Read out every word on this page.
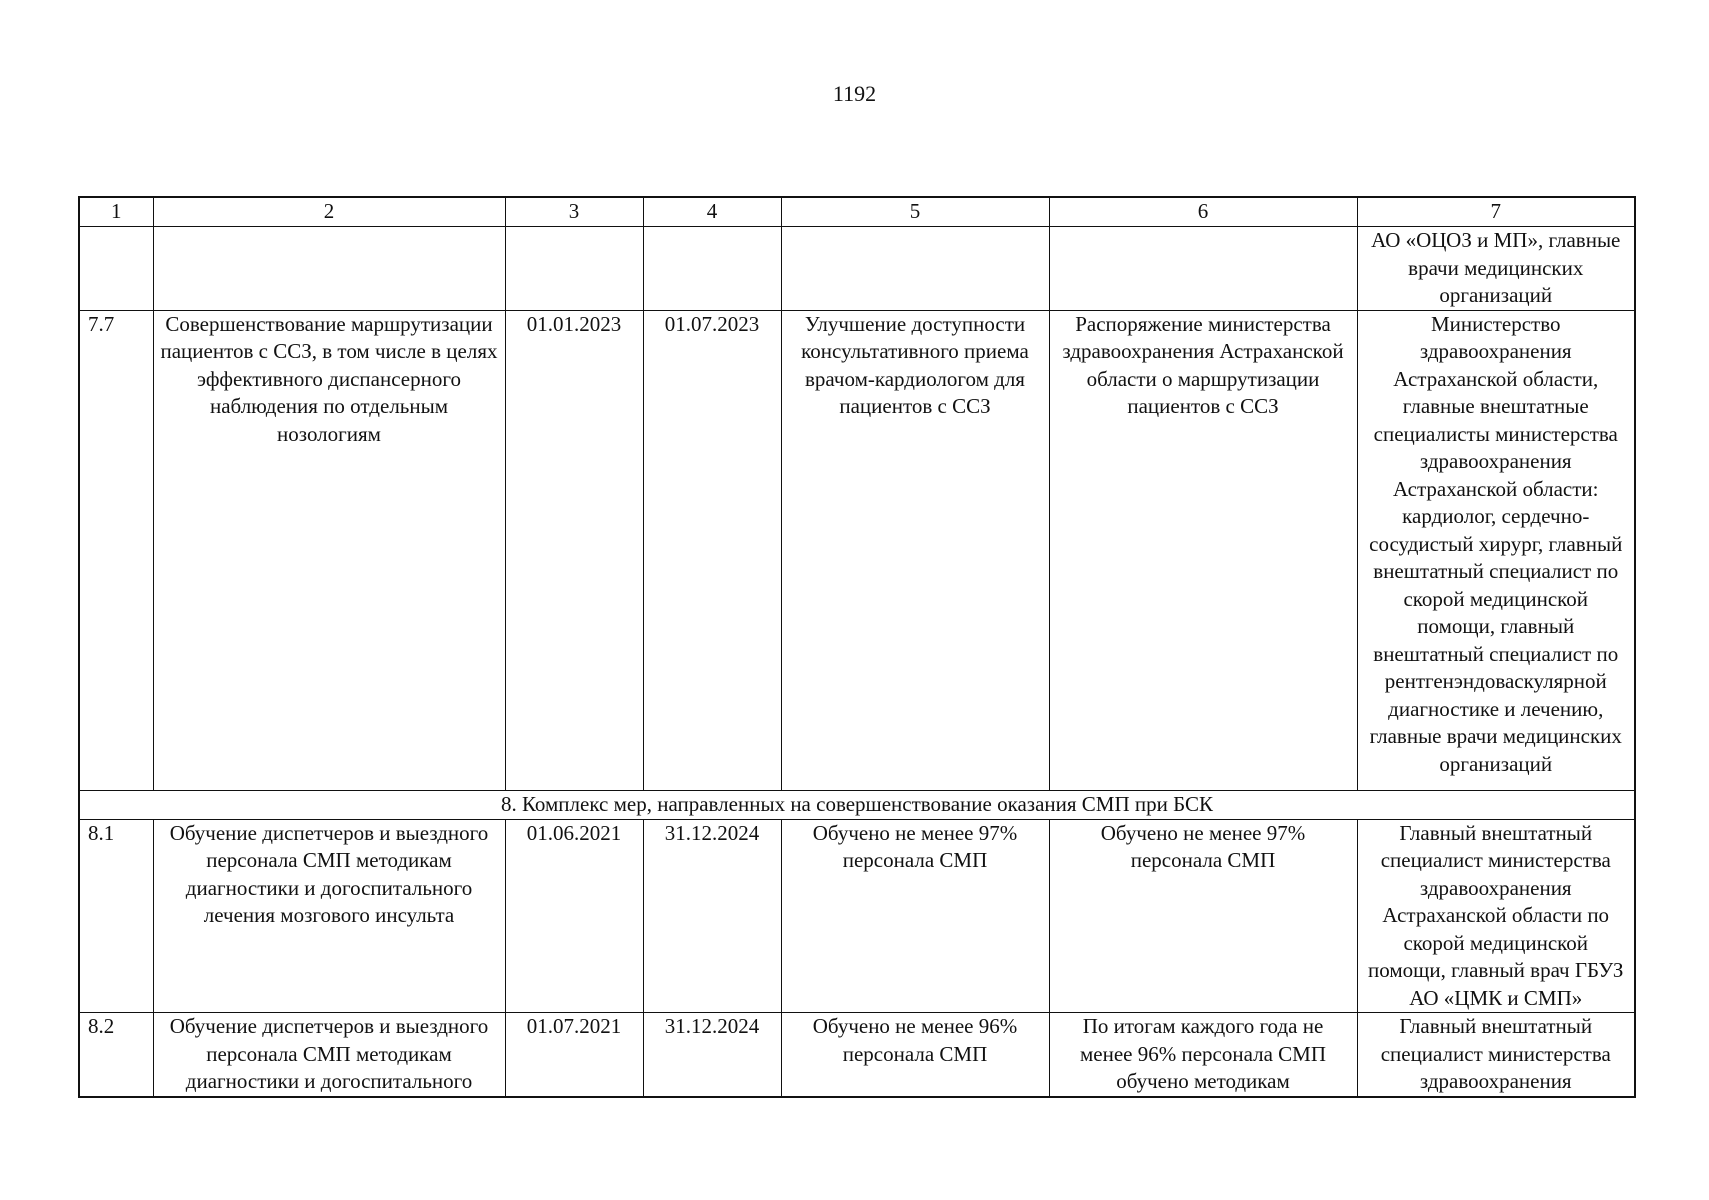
1192
1	2	3	4	5	6	7
						АО «ОЦОЗ и МП», главные врачи медицинских организаций
7.7	Совершенствование маршрутизации пациентов с ССЗ, в том числе в целях эффективного диспансерного наблюдения по отдельным нозологиям	01.01.2023	01.07.2023	Улучшение доступности консультативного приема врачом-кардиологом для пациентов с ССЗ	Распоряжение министерства здравоохранения Астраханской области о маршрутизации пациентов с ССЗ	Министерство здравоохранения Астраханской области, главные внештатные специалисты министерства здравоохранения Астраханской области: кардиолог, сердечно-сосудистый хирург, главный внештатный специалист по скорой медицинской помощи, главный внештатный специалист по рентгенэндоваскулярной диагностике и лечению, главные врачи медицинских организаций
8. Комплекс мер, направленных на совершенствование оказания СМП при БСК						
8.1	Обучение диспетчеров и выездного персонала СМП методикам диагностики и догоспитального лечения мозгового инсульта	01.06.2021	31.12.2024	Обучено не менее 97% персонала СМП	Обучено не менее 97% персонала СМП	Главный внештатный специалист министерства здравоохранения Астраханской области по скорой медицинской помощи, главный врач ГБУЗ АО «ЦМК и СМП»
8.2	Обучение диспетчеров и выездного персонала СМП методикам диагностики и догоспитального	01.07.2021	31.12.2024	Обучено не менее 96% персонала СМП	По итогам каждого года не менее 96% персонала СМП обучено методикам	Главный внештатный специалист министерства здравоохранения
